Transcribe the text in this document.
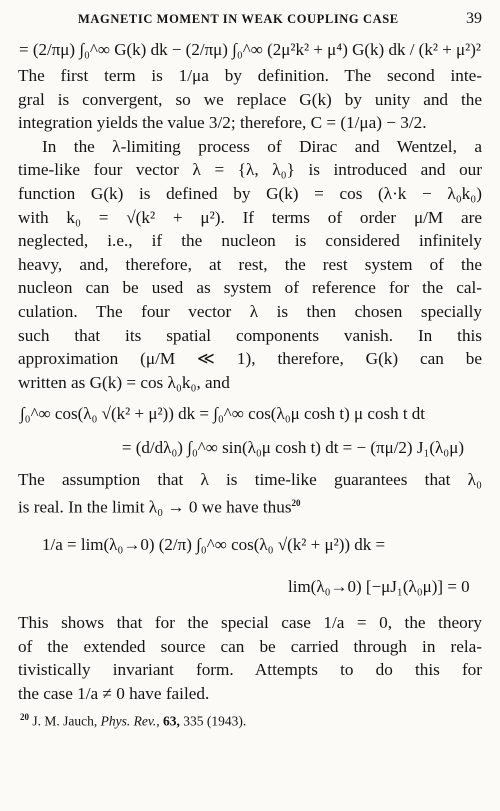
MAGNETIC MOMENT IN WEAK COUPLING CASE	39
= (2/πμ) ∫₀^∞ G(k) dk − (2/πμ) ∫₀^∞ (2μ²k² + μ⁴) G(k) dk / (k² + μ²)²
The first term is 1/μa by definition. The second inte-
gral is convergent, so we replace G(k) by unity and the
integration yields the value 3/2; therefore, C = (1/μa) − 3/2.
In the λ-limiting process of Dirac and Wentzel, a
time-like four vector λ = {λ, λ₀} is introduced and our
function G(k) is defined by G(k) = cos (λ·k − λ₀k₀)
with k₀ = √(k² + μ²). If terms of order μ/M are
neglected, i.e., if the nucleon is considered infinitely
heavy, and, therefore, at rest, the rest system of the
nucleon can be used as system of reference for the cal-
culation. The four vector λ is then chosen specially
such that its spatial components vanish. In this
approximation (μ/M ≪ 1), therefore, G(k) can be
written as G(k) = cos λ₀k₀, and
∫₀^∞ cos(λ₀ √(k² + μ²)) dk = ∫₀^∞ cos(λ₀μ cosh t) μ cosh t dt
= (d/dλ₀) ∫₀^∞ sin(λ₀μ cosh t) dt = − (πμ/2) J₁(λ₀μ)
The assumption that λ is time-like guarantees that λ₀
is real. In the limit λ₀ → 0 we have thus$^{20}$
1/a = lim(λ₀→0) (2/π) ∫₀^∞ cos(λ₀ √(k² + μ²)) dk =
lim(λ₀→0) [−μJ₁(λ₀μ)] = 0
This shows that for the special case 1/a = 0, the theory
of the extended source can be carried through in rela-
tivistically invariant form. Attempts to do this for
the case 1/a ≠ 0 have failed.
$^{20}$ J. M. Jauch, Phys. Rev., 63, 335 (1943).
